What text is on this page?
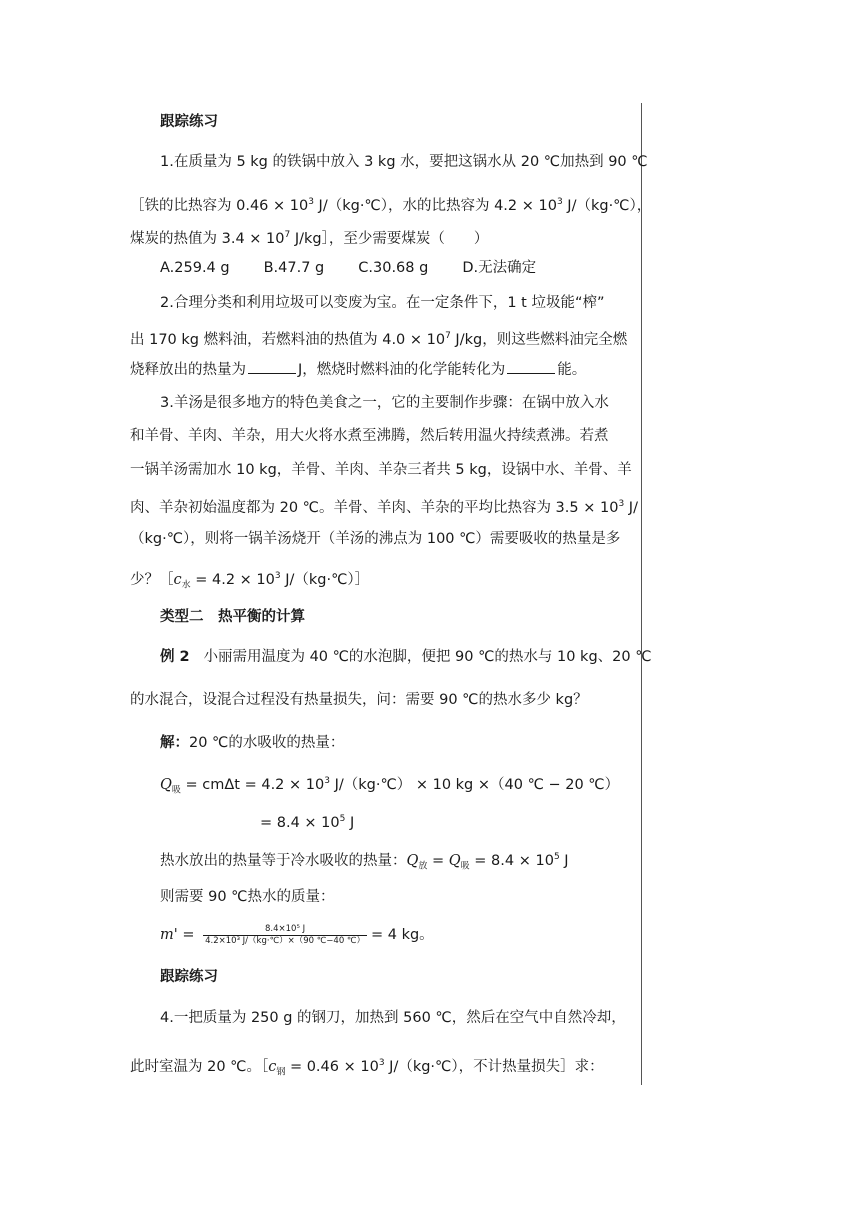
跟踪练习
1.在质量为 5 kg 的铁锅中放入 3 kg 水，要把这锅水从 20 ℃加热到 90 ℃
［铁的比热容为 $0.46 \times 10^3$ J/（kg·℃），水的比热容为 $4.2 \times 10^3$ J/（kg·℃），
煤炭的热值为 $3.4 \times 10^7$ J/kg］，至少需要煤炭（　　）
A.259.4 g B.47.7 g C.30.68 g D.无法确定
2.合理分类和利用垃圾可以变废为宝。在一定条件下，1 t 垃圾能“榨”
出 170 kg 燃料油，若燃料油的热值为 $4.0 \times 10^7$ J/kg，则这些燃料油完全燃
烧释放出的热量为	J，燃烧时燃料油的化学能转化为	能。
3.羊汤是很多地方的特色美食之一，它的主要制作步骤：在锅中放入水
和羊骨、羊肉、羊杂，用大火将水煮至沸腾，然后转用温火持续煮沸。若煮
一锅羊汤需加水 10 kg，羊骨、羊肉、羊杂三者共 5 kg，设锅中水、羊骨、羊
肉、羊杂初始温度都为 20 ℃。羊骨、羊肉、羊杂的平均比热容为 $3.5 \times 10^3$ J/
（kg·℃），则将一锅羊汤烧开（羊汤的沸点为 100 ℃）需要吸收的热量是多
少？$[c_水 = 4.2 \times 10^3$ J/（kg·℃）］
类型二　热平衡的计算
例 2 小丽需用温度为 40 ℃的水泡脚，便把 90 ℃的热水与 10 kg、20 ℃
的水混合，设混合过程没有热量损失，问：需要 90 ℃的热水多少 kg？
解：20 ℃的水吸收的热量：
$Q_吸 = cm\Delta t = 4.2 \times 10^3$ J/（kg·℃） × 10 kg ×（40 ℃ − 20 ℃）
= $8.4 \times 10^5$ J
热水放出的热量等于冷水吸收的热量：$Q_放 = Q_吸 = 8.4 \times 10^5$ J
则需要 90 ℃热水的质量：
$m' = \frac{\text{8.4×10⁵ J}}{\text{4.2×10³ J/（kg·℃）×（90 ℃−40 ℃）}} = 4$ kg。
跟踪练习
4.一把质量为 250 g 的钢刀，加热到 560 ℃，然后在空气中自然冷却，
此时室温为 20 ℃。$[c_钢 = 0.46 \times 10^3$ J/（kg·℃），不计热量损失］求：
